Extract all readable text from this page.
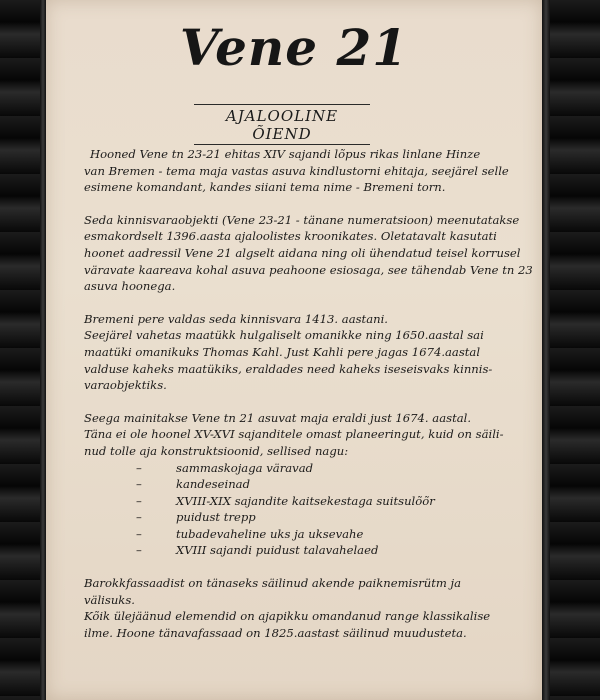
Vene 21
AJALOOLINE ÕIEND
Hooned Vene tn 23-21 ehitas XIV sajandi lõpus rikas linlane Hinze
van Bremen - tema maja vastas asuva kindlustorni ehitaja, seejärel selle
esimene komandant, kandes siiani tema nime - Bremeni torn.
Seda kinnisvaraobjekti (Vene 23-21 - tänane numeratsioon) meenutatakse
esmakordselt 1396.aasta ajaloolistes kroonikates. Oletatavalt kasutati
hoonet aadressil Vene 21 algselt aidana ning oli ühendatud teisel korrusel
väravate kaareava kohal asuva peahoone esiosaga, see tähendab Vene tn 23
asuva hoonega.
Bremeni pere valdas seda kinnisvara 1413. aastani.
Seejärel vahetas maatükk hulgaliselt omanikke ning 1650.aastal sai
maatüki omanikuks Thomas Kahl. Just Kahli pere jagas 1674.aastal
valduse kaheks maatükiks, eraldades need kaheks iseseisvaks kinnis-
varaobjektiks.
Seega mainitakse Vene tn 21 asuvat maja eraldi just 1674. aastal.
Täna ei ole hoonel XV-XVI sajanditele omast planeeringut, kuid on säili-
nud tolle aja konstruktsioonid, sellised nagu:
–	sammaskojaga väravad
–	kandeseinad
–	XVIII-XIX sajandite kaitsekestaga suitsulõõr
–	puidust trepp
–	tubadevaheline uks ja uksevahe
–	XVIII sajandi puidust talavahelaed
Barokkfassaadist on tänaseks säilinud akende paiknemisrütm ja
välisuks.
Kõik ülejäänud elemendid on ajapikku omandanud range klassikalise
ilme. Hoone tänavafassaad on 1825.aastast säilinud muudusteta.
